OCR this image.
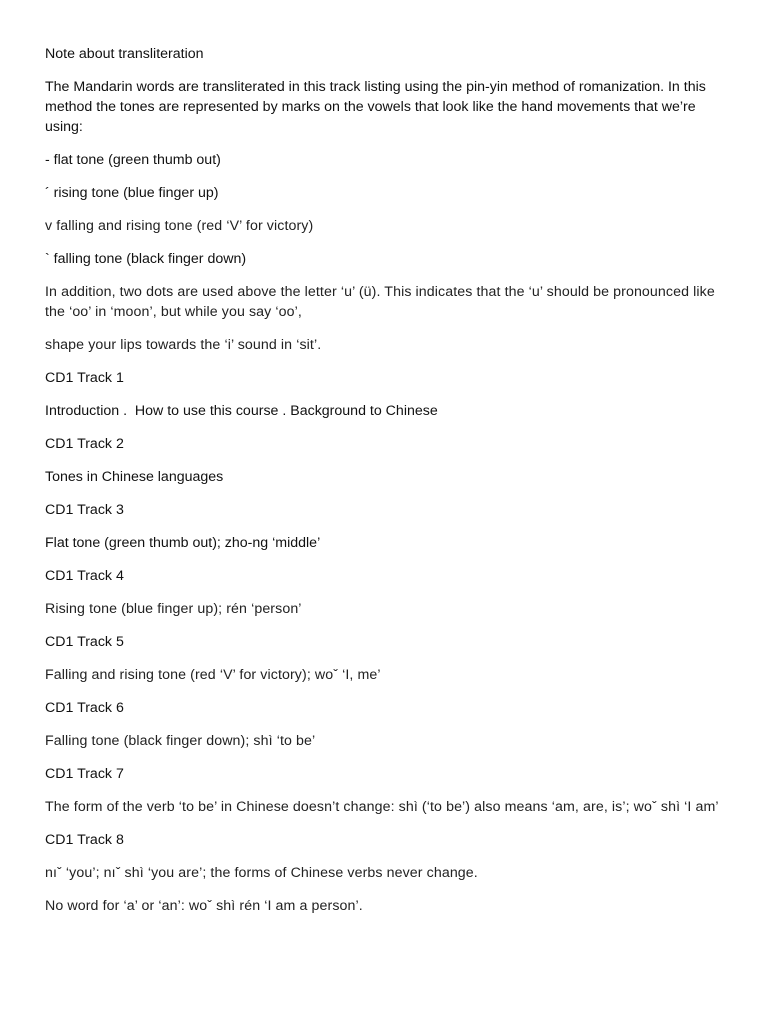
Note about transliteration

The Mandarin words are transliterated in this track listing using the pin-yin method of romanization. In this method the tones are represented by marks on the vowels that look like the hand movements that we’re using:

- flat tone (green thumb out)

´ rising tone (blue finger up)

v falling and rising tone (red ‘V’ for victory)

` falling tone (black finger down)

In addition, two dots are used above the letter ‘u’ (ü). This indicates that the ‘u’ should be pronounced like the ‘oo’ in ‘moon’, but while you say ‘oo’,

shape your lips towards the ‘i’ sound in ‘sit’.

CD1 Track 1

Introduction .  How to use this course . Background to Chinese

CD1 Track 2

Tones in Chinese languages

CD1 Track 3

Flat tone (green thumb out); zho-ng ‘middle’

CD1 Track 4

Rising tone (blue finger up); rén ‘person’

CD1 Track 5

Falling and rising tone (red ‘V’ for victory); woˇ ‘I, me’

CD1 Track 6

Falling tone (black finger down); shì ‘to be’

CD1 Track 7

The form of the verb ‘to be’ in Chinese doesn’t change: shì (‘to be’) also means ‘am, are, is’; woˇ shì ‘I am’

CD1 Track 8

nıˇ ‘you’; nıˇ shì ‘you are’; the forms of Chinese verbs never change.

No word for ‘a’ or ‘an’: woˇ shì rén ‘I am a person’.
